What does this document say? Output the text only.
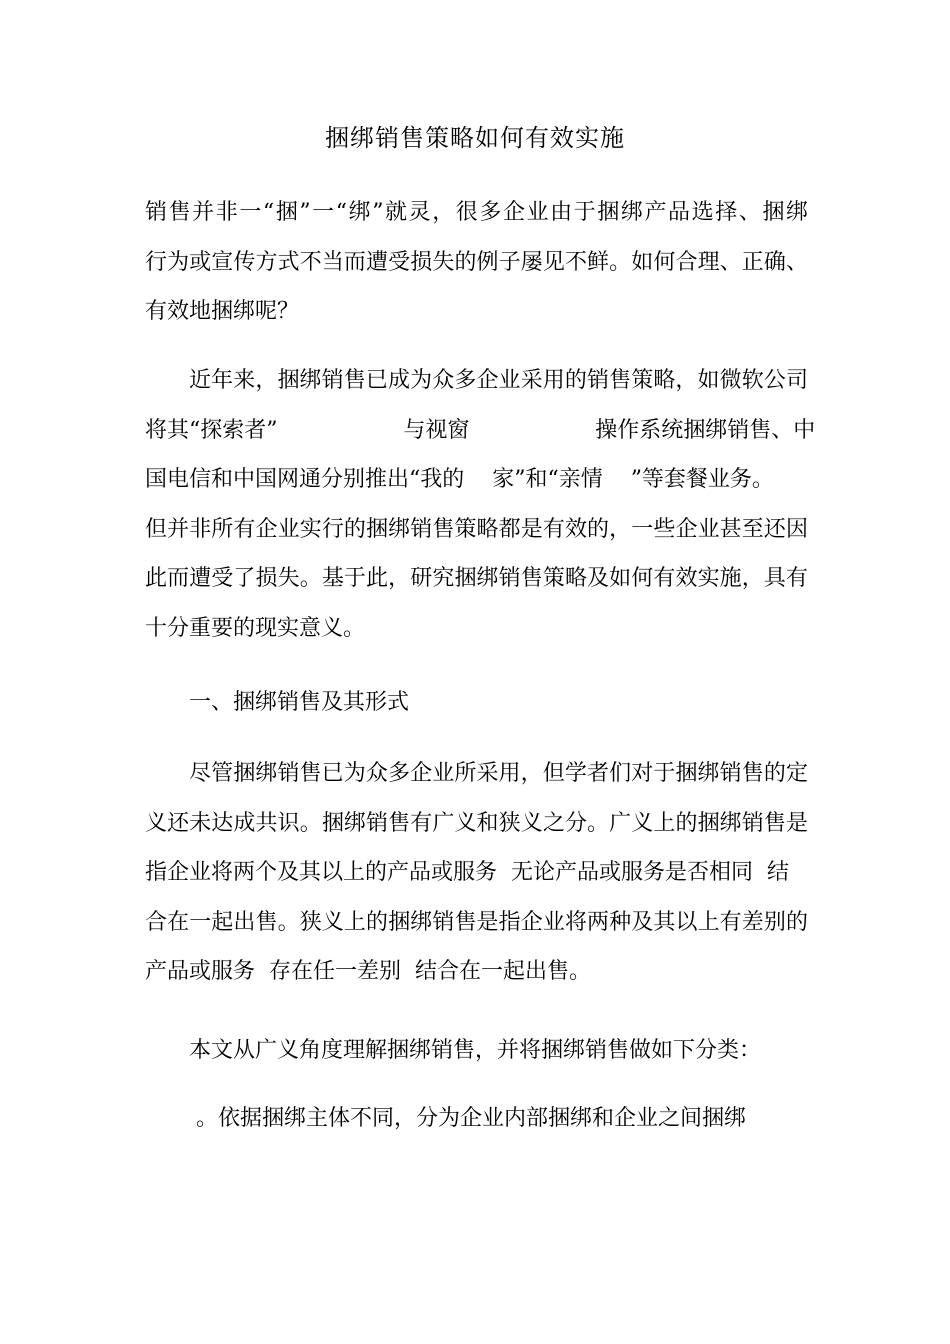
捆绑销售策略如何有效实施
销售并非一“捆”一“绑”就灵，很多企业由于捆绑产品选择、捆绑
行为或宣传方式不当而遭受损失的例子屡见不鲜。如何合理、正确、
有效地捆绑呢？
近年来，捆绑销售已成为众多企业采用的销售策略，如微软公司
将其“探索者”                  与视窗                  操作系统捆绑销售、中
国电信和中国网通分别推出“我的    家”和“亲情    ”等套餐业务。
但并非所有企业实行的捆绑销售策略都是有效的，一些企业甚至还因
此而遭受了损失。基于此，研究捆绑销售策略及如何有效实施，具有
十分重要的现实意义。
一、捆绑销售及其形式
尽管捆绑销售已为众多企业所采用，但学者们对于捆绑销售的定
义还未达成共识。捆绑销售有广义和狭义之分。广义上的捆绑销售是
指企业将两个及其以上的产品或服务  无论产品或服务是否相同  结
合在一起出售。狭义上的捆绑销售是指企业将两种及其以上有差别的
产品或服务  存在任一差别  结合在一起出售。
本文从广义角度理解捆绑销售，并将捆绑销售做如下分类：
。依据捆绑主体不同，分为企业内部捆绑和企业之间捆绑
